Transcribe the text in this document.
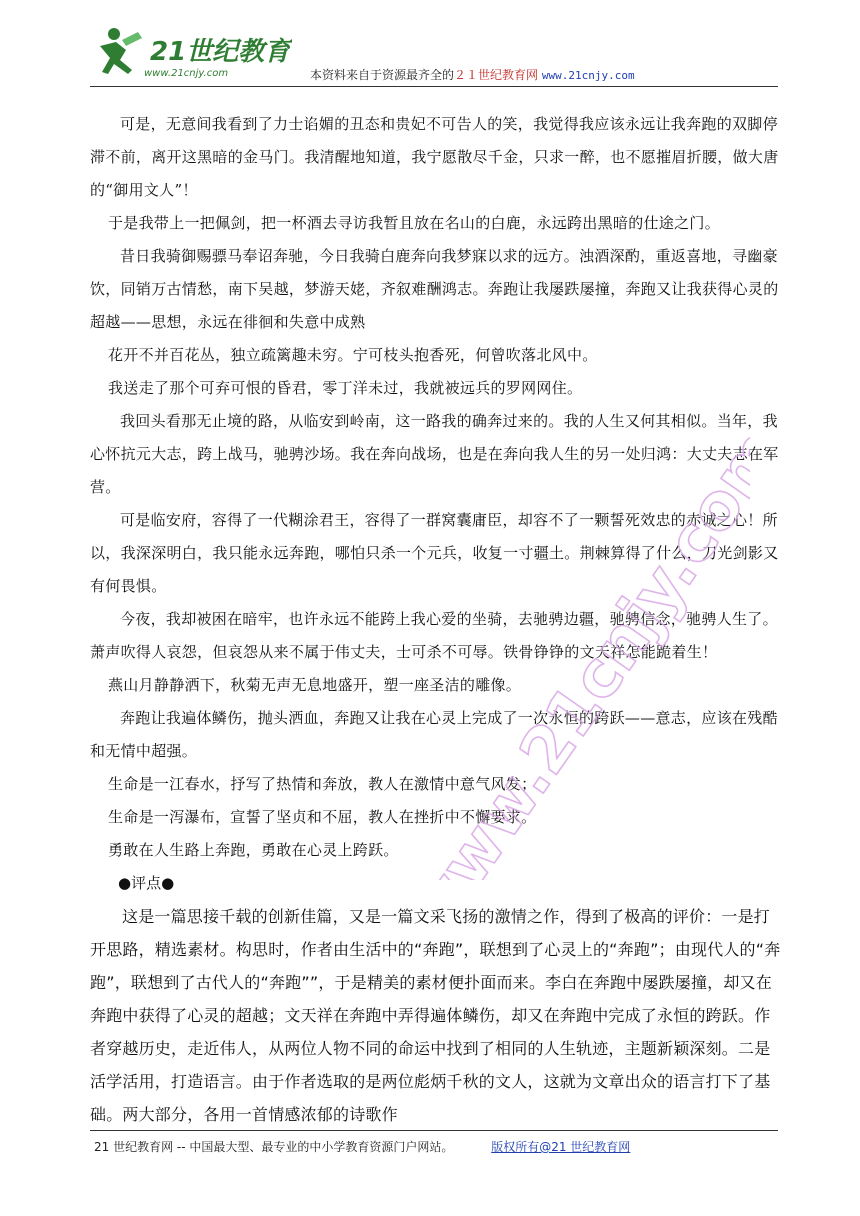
21世纪教育
www.21cnjy.com	本资料来自于资源最齐全的２１世纪教育网 www.21cnjy.com

可是，无意间我看到了力士谄媚的丑态和贵妃不可告人的笑，我觉得我应该永远让我奔跑的双脚停滞不前，离开这黑暗的金马门。我清醒地知道，我宁愿散尽千金，只求一醉，也不愿摧眉折腰，做大唐的“御用文人”！

于是我带上一把佩剑，把一杯酒去寻访我暂且放在名山的白鹿，永远跨出黑暗的仕途之门。

昔日我骑御赐骠马奉诏奔驰，今日我骑白鹿奔向我梦寐以求的远方。浊酒深酌，重返喜地，寻幽豪饮，同销万古情愁，南下吴越，梦游天姥，齐叙难酬鸿志。奔跑让我屡跌屡撞，奔跑又让我获得心灵的超越——思想，永远在徘徊和失意中成熟

花开不并百花丛，独立疏篱趣未穷。宁可枝头抱香死，何曾吹落北风中。

我送走了那个可弃可恨的昏君，零丁洋未过，我就被远兵的罗网网住。

我回头看那无止境的路，从临安到岭南，这一路我的确奔过来的。我的人生又何其相似。当年，我心怀抗元大志，跨上战马，驰骋沙场。我在奔向战场，也是在奔向我人生的另一处归鸿：大丈夫志在军营。

可是临安府，容得了一代糊涂君王，容得了一群窝囊庸臣，却容不了一颗誓死效忠的赤诚之心！所以，我深深明白，我只能永远奔跑，哪怕只杀一个元兵，收复一寸疆土。荆棘算得了什么，刀光剑影又有何畏惧。

今夜，我却被困在暗牢，也许永远不能跨上我心爱的坐骑，去驰骋边疆，驰骋信念，驰骋人生了。萧声吹得人哀怨，但哀怨从来不属于伟丈夫，士可杀不可辱。铁骨铮铮的文天祥怎能跪着生！

燕山月静静洒下，秋菊无声无息地盛开，塑一座圣洁的雕像。

奔跑让我遍体鳞伤，抛头洒血，奔跑又让我在心灵上完成了一次永恒的跨跃——意志，应该在残酷和无情中超强。

生命是一江春水，抒写了热情和奔放，教人在激情中意气风发；

生命是一泻瀑布，宣誓了坚贞和不屈，教人在挫折中不懈要求。

勇敢在人生路上奔跑，勇敢在心灵上跨跃。

●评点●

这是一篇思接千载的创新佳篇，又是一篇文采飞扬的激情之作，得到了极高的评价：一是打开思路，精选素材。构思时，作者由生活中的“奔跑”，联想到了心灵上的“奔跑”；由现代人的“奔跑”，联想到了古代人的“奔跑””，于是精美的素材便扑面而来。李白在奔跑中屡跌屡撞，却又在奔跑中获得了心灵的超越；文天祥在奔跑中弄得遍体鳞伤，却又在奔跑中完成了永恒的跨跃。作者穿越历史，走近伟人，从两位人物不同的命运中找到了相同的人生轨迹，主题新颖深刻。二是活学活用，打造语言。由于作者选取的是两位彪炳千秋的文人，这就为文章出众的语言打下了基础。两大部分，各用一首情感浓郁的诗歌作

www.21cnjy.com
21 世纪教育网 -- 中国最大型、最专业的中小学教育资源门户网站。	版权所有@21 世纪教育网
